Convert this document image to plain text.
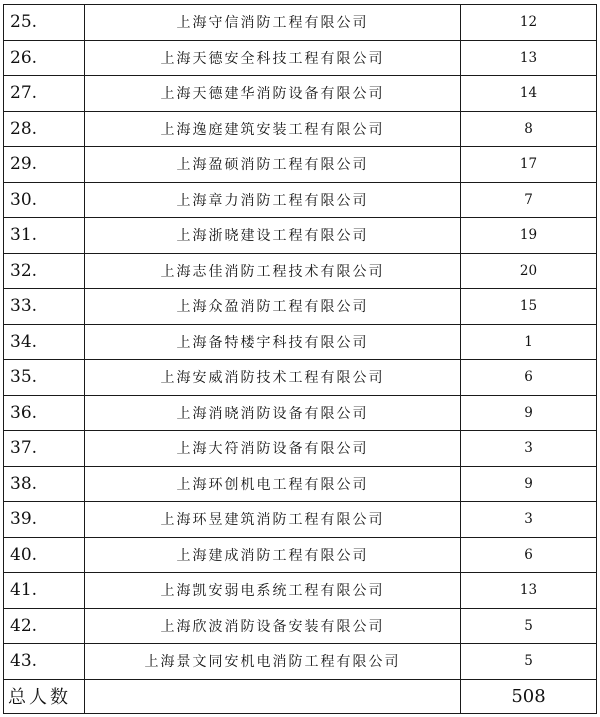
25.	上海守信消防工程有限公司	12
26.	上海天德安全科技工程有限公司	13
27.	上海天德建华消防设备有限公司	14
28.	上海逸庭建筑安装工程有限公司	8
29.	上海盈硕消防工程有限公司	17
30.	上海章力消防工程有限公司	7
31.	上海浙晓建设工程有限公司	19
32.	上海志佳消防工程技术有限公司	20
33.	上海众盈消防工程有限公司	15
34.	上海备特楼宇科技有限公司	1
35.	上海安威消防技术工程有限公司	6
36.	上海消晓消防设备有限公司	9
37.	上海大符消防设备有限公司	3
38.	上海环创机电工程有限公司	9
39.	上海环昱建筑消防工程有限公司	3
40.	上海建成消防工程有限公司	6
41.	上海凯安弱电系统工程有限公司	13
42.	上海欣波消防设备安装有限公司	5
43.	上海景文同安机电消防工程有限公司	5
总人数		508
